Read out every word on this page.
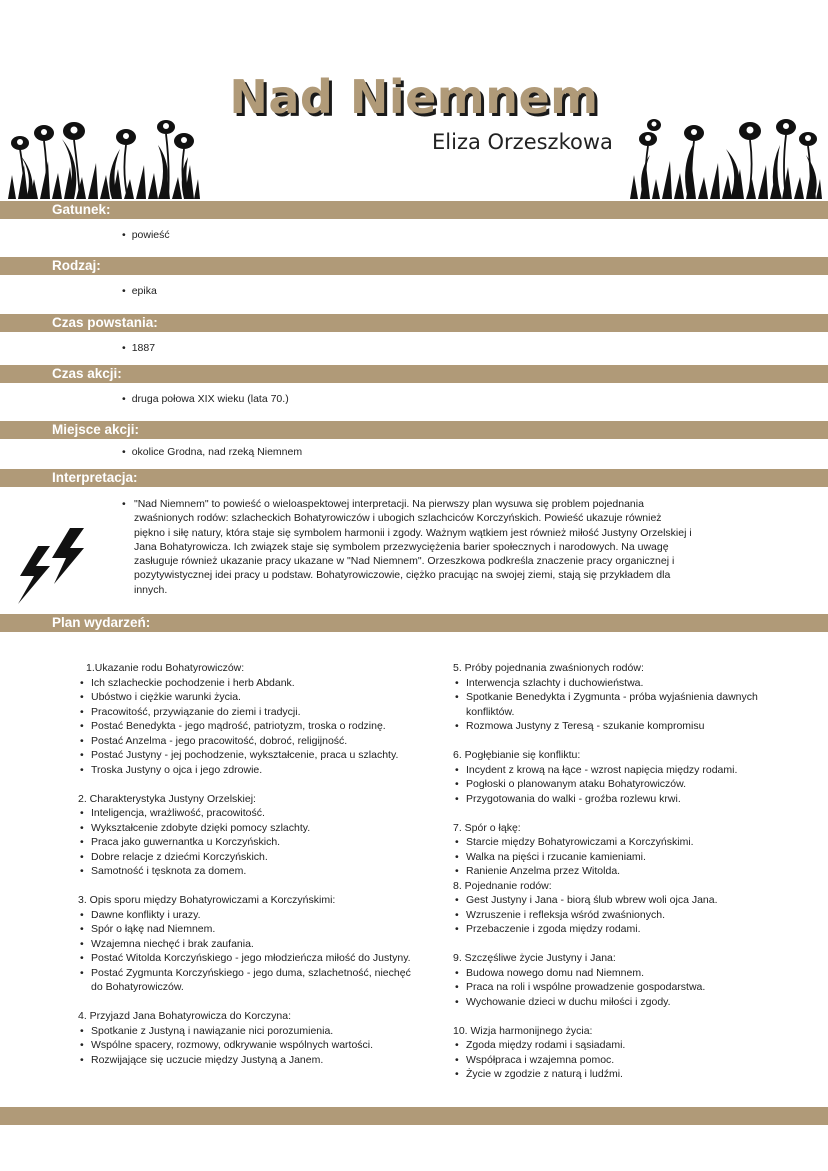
Nad Niemnem
Eliza Orzeszkowa
Gatunek:
• powieść
Rodzaj:
• epika
Czas powstania:
• 1887
Czas akcji:
• druga połowa XIX wieku (lata 70.)
Miejsce akcji:
• okolice Grodna, nad rzeką Niemnem
Interpretacja:
• "Nad Niemnem" to powieść o wieloaspektowej interpretacji. Na pierwszy plan wysuwa się problem pojednania zwaśnionych rodów: szlacheckich Bohatyrowiczów i ubogich szlachciców Korczyńskich. Powieść ukazuje również piękno i siłę natury, która staje się symbolem harmonii i zgody. Ważnym wątkiem jest również miłość Justyny Orzelskiej i Jana Bohatyrowicza. Ich związek staje się symbolem przezwyciężenia barier społecznych i narodowych. Na uwagę zasługuje również ukazanie pracy ukazane w "Nad Niemnem". Orzeszkowa podkreśla znaczenie pracy organicznej i pozytywistycznej idei pracy u podstaw. Bohatyrowiczowie, ciężko pracując na swojej ziemi, stają się przykładem dla innych.
Plan wydarzeń:
1.Ukazanie rodu Bohatyrowiczów:
• Ich szlacheckie pochodzenie i herb Abdank.
• Ubóstwo i ciężkie warunki życia.
• Pracowitość, przywiązanie do ziemi i tradycji.
• Postać Benedykta - jego mądrość, patriotyzm, troska o rodzinę.
• Postać Anzelma - jego pracowitość, dobroć, religijność.
• Postać Justyny - jej pochodzenie, wykształcenie, praca u szlachty.
• Troska Justyny o ojca i jego zdrowie.
2. Charakterystyka Justyny Orzelskiej:
• Inteligencja, wrażliwość, pracowitość.
• Wykształcenie zdobyte dzięki pomocy szlachty.
• Praca jako guwernantka u Korczyńskich.
• Dobre relacje z dziećmi Korczyńskich.
• Samotność i tęsknota za domem.
3. Opis sporu między Bohatyrowiczami a Korczyńskimi:
• Dawne konflikty i urazy.
• Spór o łąkę nad Niemnem.
• Wzajemna niechęć i brak zaufania.
• Postać Witolda Korczyńskiego - jego młodzieńcza miłość do Justyny.
• Postać Zygmunta Korczyńskiego - jego duma, szlachetność, niechęć do Bohatyrowiczów.
4. Przyjazd Jana Bohatyrowicza do Korczyna:
• Spotkanie z Justyną i nawiązanie nici porozumienia.
• Wspólne spacery, rozmowy, odkrywanie wspólnych wartości.
• Rozwijające się uczucie między Justyną a Janem.
5. Próby pojednania zwaśnionych rodów:
• Interwencja szlachty i duchowieństwa.
• Spotkanie Benedykta i Zygmunta - próba wyjaśnienia dawnych konfliktów.
• Rozmowa Justyny z Teresą - szukanie kompromisu
6. Pogłębianie się konfliktu:
• Incydent z krową na łące - wzrost napięcia między rodami.
• Pogłoski o planowanym ataku Bohatyrowiczów.
• Przygotowania do walki - groźba rozlewu krwi.
7. Spór o łąkę:
• Starcie między Bohatyrowiczami a Korczyńskimi.
• Walka na pięści i rzucanie kamieniami.
• Ranienie Anzelma przez Witolda.
8. Pojednanie rodów:
• Gest Justyny i Jana - biorą ślub wbrew woli ojca Jana.
• Wzruszenie i refleksja wśród zwaśnionych.
• Przebaczenie i zgoda między rodami.
9. Szczęśliwe życie Justyny i Jana:
• Budowa nowego domu nad Niemnem.
• Praca na roli i wspólne prowadzenie gospodarstwa.
• Wychowanie dzieci w duchu miłości i zgody.
10. Wizja harmonijnego życia:
• Zgoda między rodami i sąsiadami.
• Współpraca i wzajemna pomoc.
• Życie w zgodzie z naturą i ludźmi.
